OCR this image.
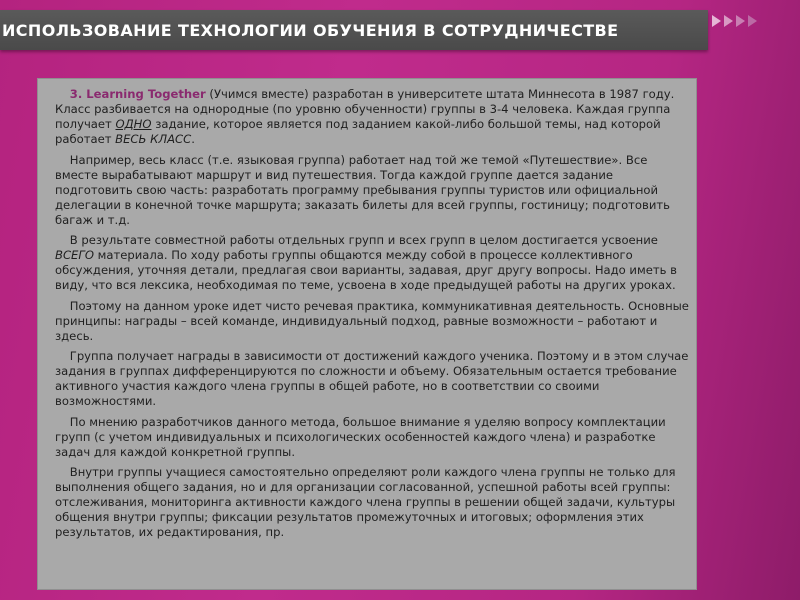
ИСПОЛЬЗОВАНИЕ ТЕХНОЛОГИИ ОБУЧЕНИЯ В СОТРУДНИЧЕСТВЕ

3. Learning Together (Учимся вместе) разработан в университете штата Миннесота в 1987 году. Класс разбивается на однородные (по уровню обученности) группы в 3-4 человека. Каждая группа получает ОДНО задание, которое является под заданием какой-либо большой темы, над которой работает ВЕСЬ КЛАСС.

Например, весь класс (т.е. языковая группа) работает над той же темой «Путешествие». Все вместе вырабатывают маршрут и вид путешествия. Тогда каждой группе дается задание подготовить свою часть: разработать программу пребывания группы туристов или официальной делегации в конечной точке маршрута; заказать билеты для всей группы, гостиницу; подготовить багаж и т.д.

В результате совместной работы отдельных групп и всех групп в целом достигается усвоение ВСЕГО материала. По ходу работы группы общаются между собой в процессе коллективного обсуждения, уточняя детали, предлагая свои варианты, задавая, друг другу вопросы. Надо иметь в виду, что вся лексика, необходимая по теме, усвоена в ходе предыдущей работы на других уроках.

Поэтому на данном уроке идет чисто речевая практика, коммуникативная деятельность. Основные принципы: награды – всей команде, индивидуальный подход, равные возможности – работают и здесь.

Группа получает награды в зависимости от достижений каждого ученика. Поэтому и в этом случае задания в группах дифференцируются по сложности и объему. Обязательным остается требование активного участия каждого члена группы в общей работе, но в соответствии со своими возможностями.

По мнению разработчиков данного метода, большое внимание я уделяю вопросу комплектации групп (с учетом индивидуальных и психологических особенностей каждого члена) и разработке задач для каждой конкретной группы.

Внутри группы учащиеся самостоятельно определяют роли каждого члена группы не только для выполнения общего задания, но и для организации согласованной, успешной работы всей группы: отслеживания, мониторинга активности каждого члена группы в решении общей задачи, культуры общения внутри группы; фиксации результатов промежуточных и итоговых; оформления этих результатов, их редактирования, пр.
